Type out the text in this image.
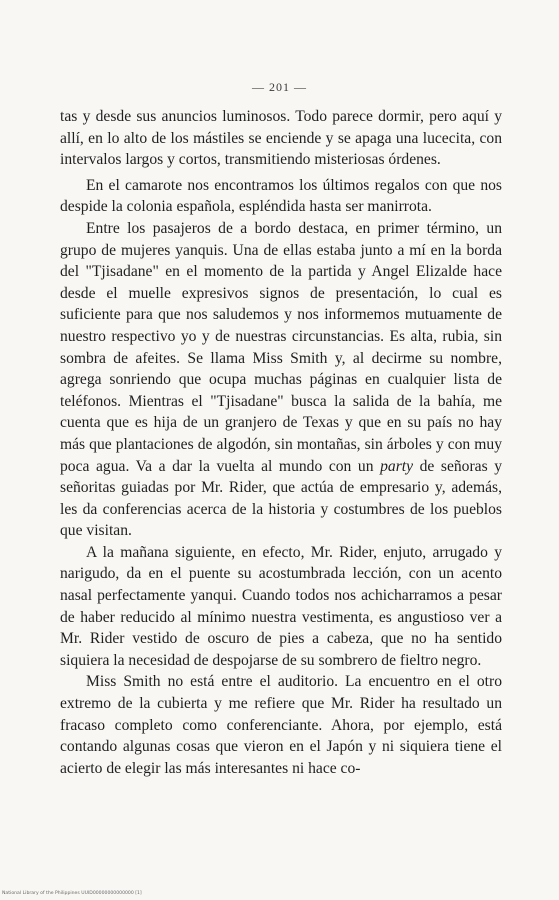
— 201 —

tas y desde sus anuncios luminosos. Todo parece dormir, pero aquí y allí, en lo alto de los mástiles se enciende y se apaga una lucecita, con intervalos largos y cortos, transmitiendo misteriosas órdenes.

En el camarote nos encontramos los últimos regalos con que nos despide la colonia española, espléndida hasta ser manirrota.

Entre los pasajeros de a bordo destaca, en primer término, un grupo de mujeres yanquis. Una de ellas estaba junto a mí en la borda del "Tjisadane" en el momento de la partida y Angel Elizalde hace desde el muelle expresivos signos de presentación, lo cual es suficiente para que nos saludemos y nos informemos mutuamente de nuestro respectivo yo y de nuestras circunstancias. Es alta, rubia, sin sombra de afeites. Se llama Miss Smith y, al decirme su nombre, agrega sonriendo que ocupa muchas páginas en cualquier lista de teléfonos. Mientras el "Tjisadane" busca la salida de la bahía, me cuenta que es hija de un granjero de Texas y que en su país no hay más que plantaciones de algodón, sin montañas, sin árboles y con muy poca agua. Va a dar la vuelta al mundo con un party de señoras y señoritas guiadas por Mr. Rider, que actúa de empresario y, además, les da conferencias acerca de la historia y costumbres de los pueblos que visitan.

A la mañana siguiente, en efecto, Mr. Rider, enjuto, arrugado y narigudo, da en el puente su acostumbrada lección, con un acento nasal perfectamente yanqui. Cuando todos nos achicharramos a pesar de haber reducido al mínimo nuestra vestimenta, es angustioso ver a Mr. Rider vestido de oscuro de pies a cabeza, que no ha sentido siquiera la necesidad de despojarse de su sombrero de fieltro negro.

Miss Smith no está entre el auditorio. La encuentro en el otro extremo de la cubierta y me refiere que Mr. Rider ha resultado un fracaso completo como conferenciante. Ahora, por ejemplo, está contando algunas cosas que vieron en el Japón y ni siquiera tiene el acierto de elegir las más interesantes ni hace co-

National Library of the Philippines UUID00000000000000 [1]
